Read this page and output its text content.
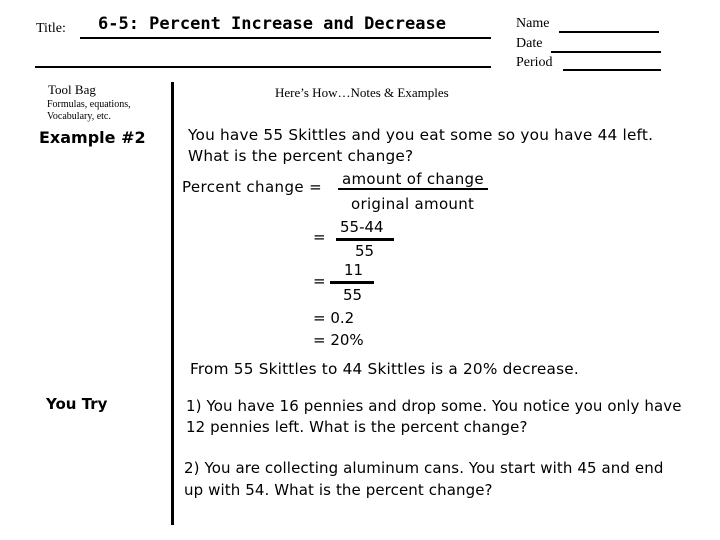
Title: 6-5: Percent Increase and Decrease	Name
Date
Period
Tool Bag
Formulas, equations,
Vocabulary, etc.
Example #2
You Try
Here’s How…Notes & Examples
You have 55 Skittles and you eat some so you have 44 left.
What is the percent change?
Percent change = amount of change
original amount
=
55-44
55
=
11
55
= 0.2
= 20%
From 55 Skittles to 44 Skittles is a 20% decrease.
1) You have 16 pennies and drop some. You notice you only have
12 pennies left. What is the percent change?
2) You are collecting aluminum cans. You start with 45 and end
up with 54. What is the percent change?
